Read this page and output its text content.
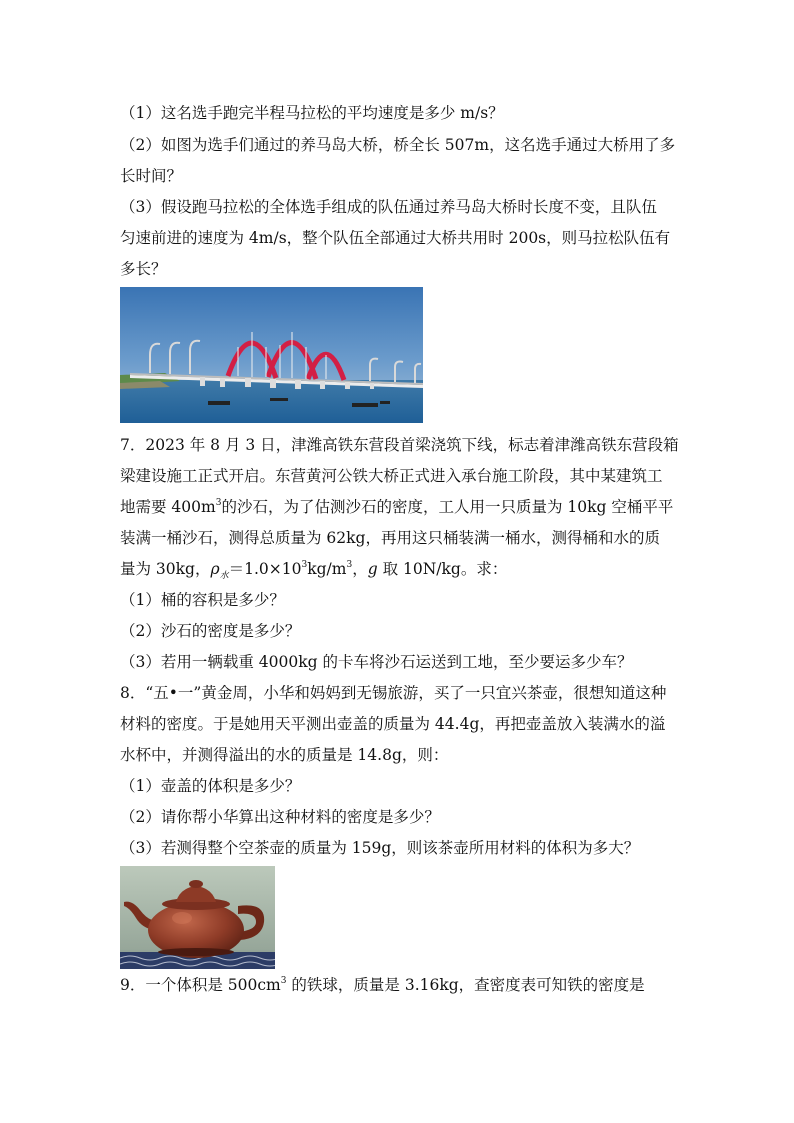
（1）这名选手跑完半程马拉松的平均速度是多少 m/s？
（2）如图为选手们通过的养马岛大桥，桥全长 507m，这名选手通过大桥用了多
长时间？
（3）假设跑马拉松的全体选手组成的队伍通过养马岛大桥时长度不变，且队伍
匀速前进的速度为 4m/s，整个队伍全部通过大桥共用时 200s，则马拉松队伍有
多长？
7．2023 年 8 月 3 日，津潍高铁东营段首梁浇筑下线，标志着津潍高铁东营段箱
梁建设施工正式开启。东营黄河公铁大桥正式进入承台施工阶段，其中某建筑工
地需要 $400m^3$的沙石，为了估测沙石的密度，工人用一只质量为 10kg 空桶平平
装满一桶沙石，测得总质量为 62kg，再用这只桶装满一桶水，测得桶和水的质
量为 30kg，$\rho_水=1.0\times 10^3kg/m^3$，g 取 10N/kg。求：
（1）桶的容积是多少？
（2）沙石的密度是多少？
（3）若用一辆载重 4000kg 的卡车将沙石运送到工地，至少要运多少车？
8．“五•一”黄金周，小华和妈妈到无锡旅游，买了一只宜兴茶壶，很想知道这种
材料的密度。于是她用天平测出壶盖的质量为 44.4g，再把壶盖放入装满水的溢
水杯中，并测得溢出的水的质量是 14.8g，则：
（1）壶盖的体积是多少？
（2）请你帮小华算出这种材料的密度是多少？
（3）若测得整个空茶壶的质量为 159g，则该茶壶所用材料的体积为多大？
9．一个体积是 $500cm^3$ 的铁球，质量是 3.16kg，查密度表可知铁的密度是
